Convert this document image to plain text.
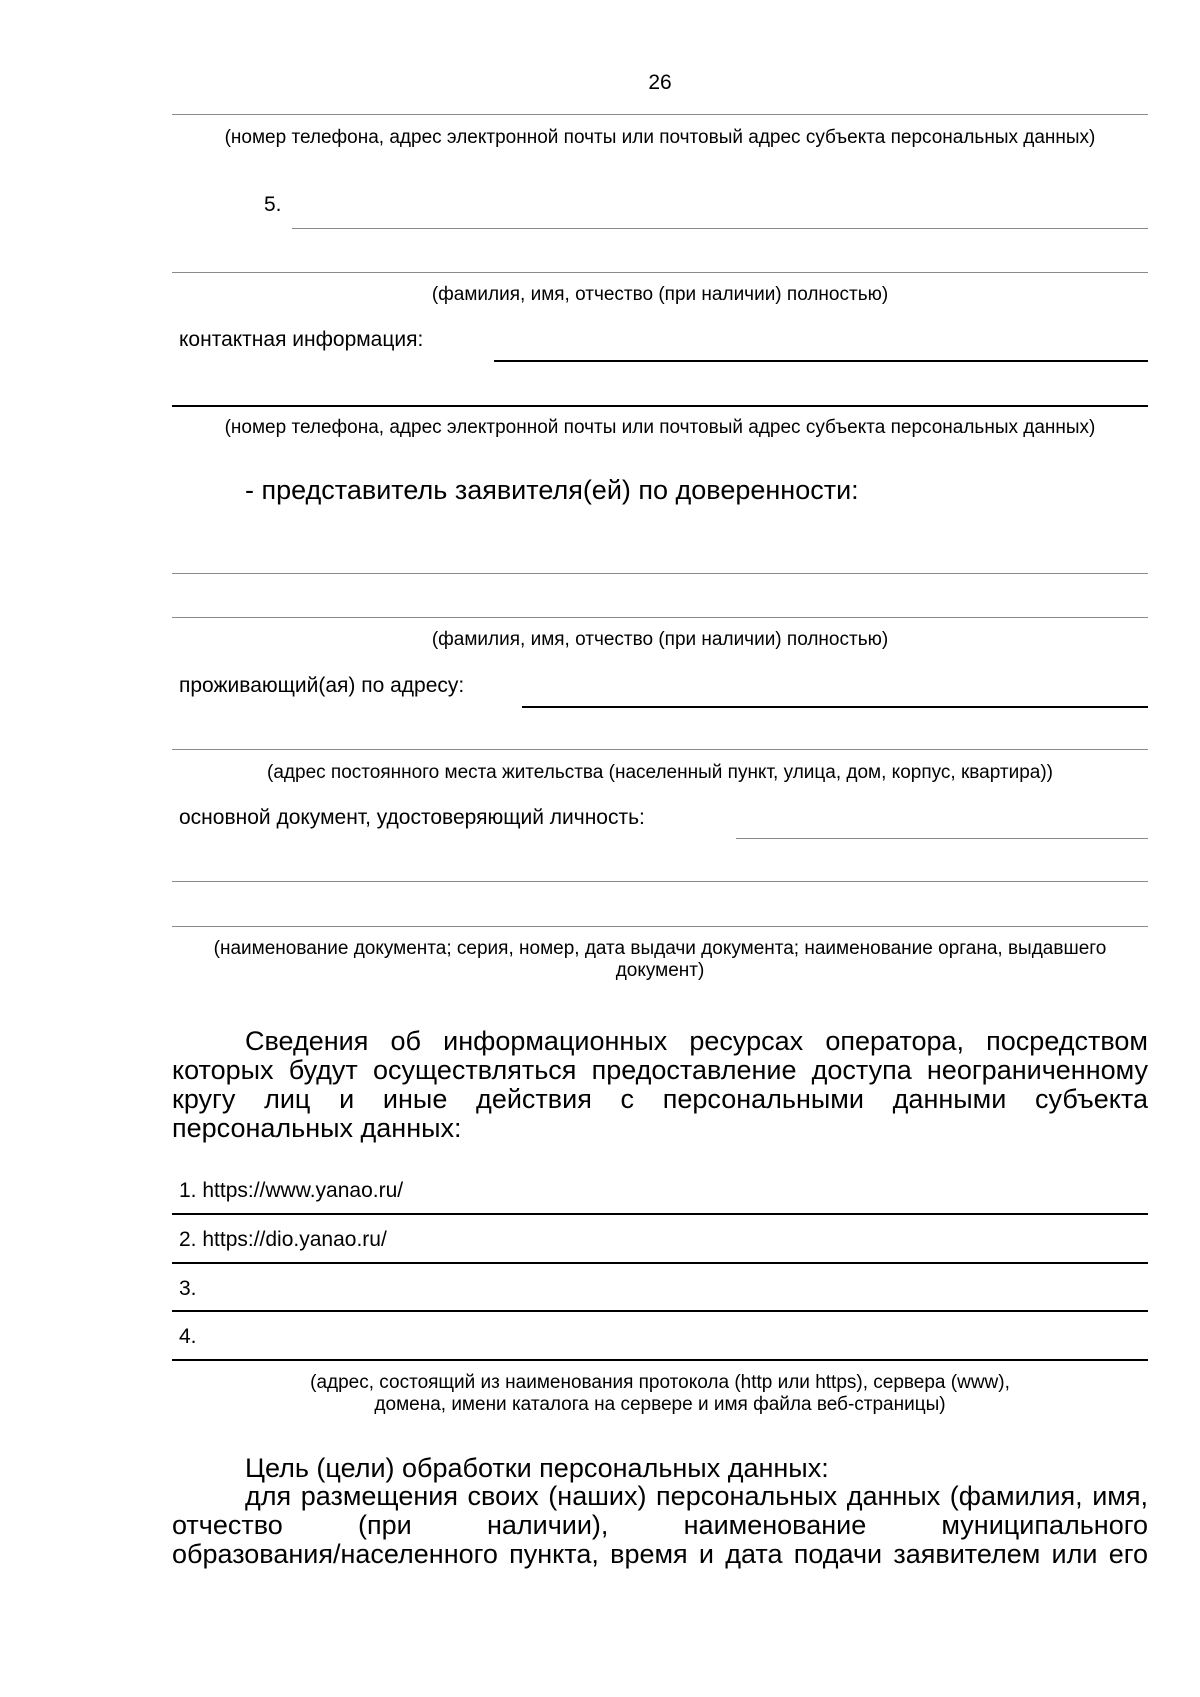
26
(номер телефона, адрес электронной почты или почтовый адрес субъекта персональных данных)
5.
(фамилия, имя, отчество (при наличии) полностью)
контактная информация:
(номер телефона, адрес электронной почты или почтовый адрес субъекта персональных данных)
- представитель заявителя(ей) по доверенности:
(фамилия, имя, отчество (при наличии) полностью)
проживающий(ая) по адресу:
(адрес постоянного места жительства (населенный пункт, улица, дом, корпус, квартира))
основной документ, удостоверяющий личность:
(наименование документа; серия, номер, дата выдачи документа; наименование органа, выдавшего
документ)
Сведения об информационных ресурсах оператора, посредством которых будут осуществляться предоставление доступа неограниченному кругу лиц и иные действия с персональными данными субъекта персональных данных:
1. https://www.yanao.ru/
2. https://dio.yanao.ru/
3.
4.
(адрес, состоящий из наименования протокола (http или https), сервера (www),
домена, имени каталога на сервере и имя файла веб-страницы)
Цель (цели) обработки персональных данных:
для размещения своих (наших) персональных данных (фамилия, имя, отчество (при наличии), наименование муниципального
образования/населенного пункта, время и дата подачи заявителем или его
